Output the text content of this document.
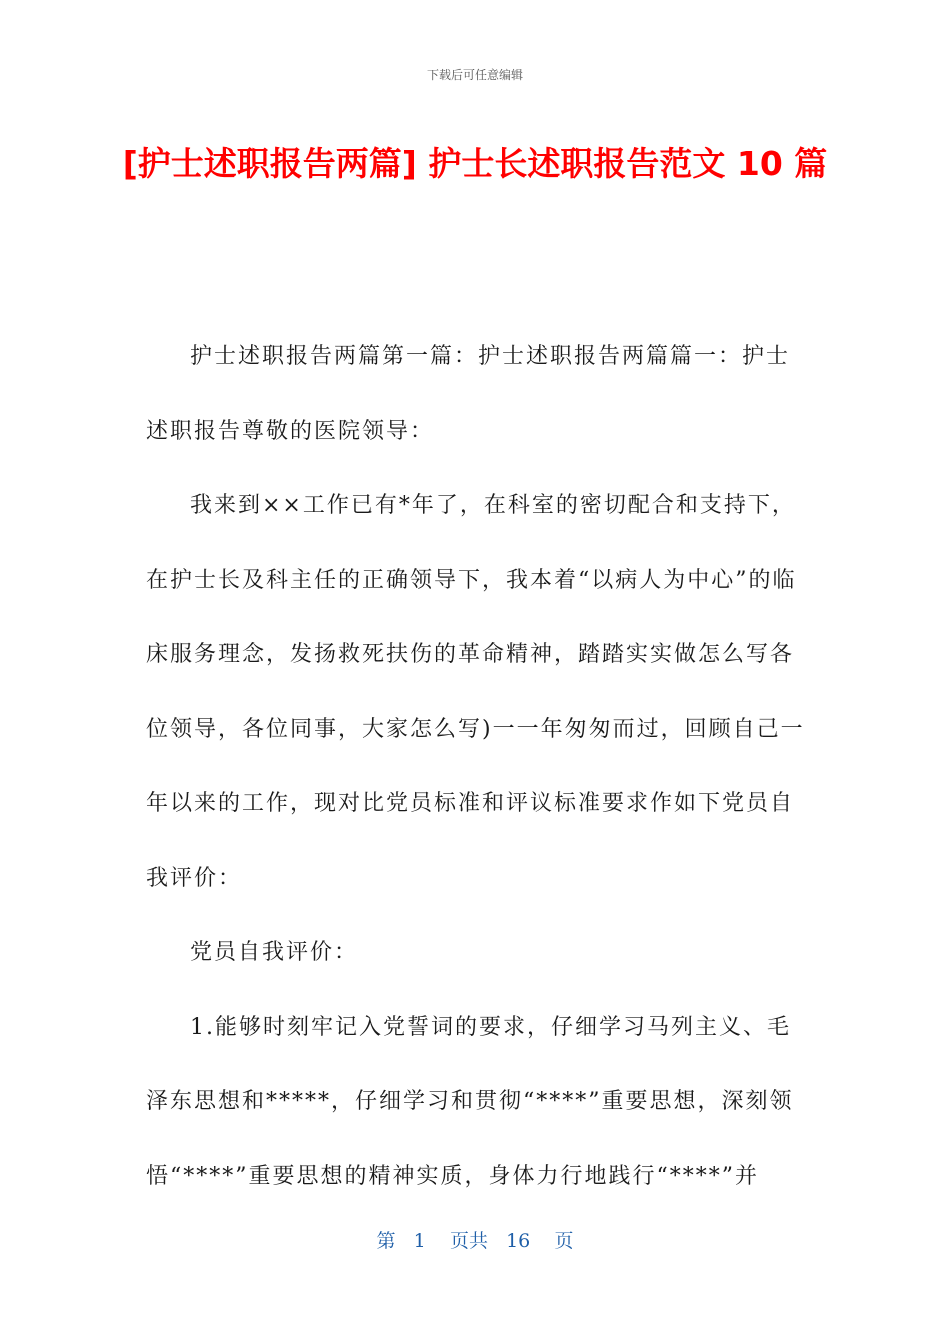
下载后可任意编辑
[护士述职报告两篇] 护士长述职报告范文 10 篇

护士述职报告两篇第一篇：护士述职报告两篇篇一：护士述职报告尊敬的医院领导：

我来到××工作已有*年了，在科室的密切配合和支持下，在护士长及科主任的正确领导下，我本着“以病人为中心”的临床服务理念，发扬救死扶伤的革命精神，踏踏实实做怎么写各位领导，各位同事，大家怎么写)一一年匆匆而过，回顾自己一年以来的工作，现对比党员标准和评议标准要求作如下党员自我评价：

党员自我评价：

1.能够时刻牢记入党誓词的要求，仔细学习马列主义、毛泽东思想和*****，仔细学习和贯彻“****”重要思想，深刻领悟“****”重要思想的精神实质，身体力行地践行“****”并

第 1 页共 16 页
